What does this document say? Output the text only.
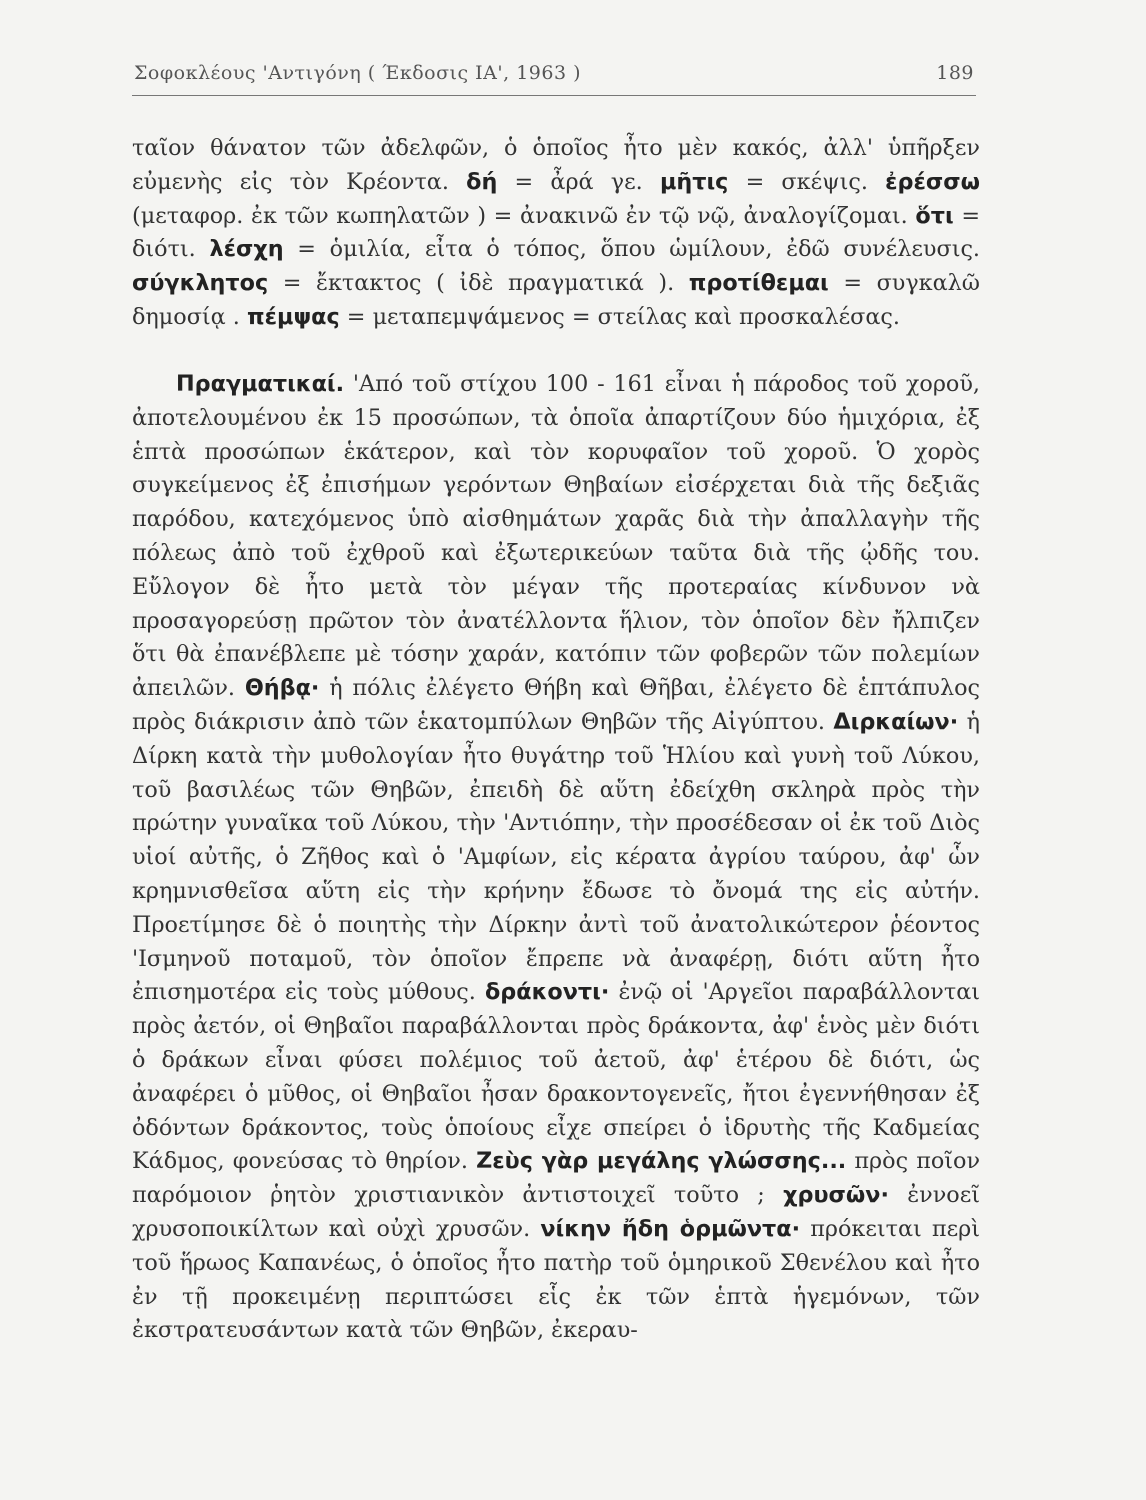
Σοφοκλέους 'Αντιγόνη ( Έκδοσις ΙΑ', 1963 )	189

ταῖον θάνατον τῶν ἀδελφῶν, ὁ ὁποῖος ἦτο μὲν κακός, ἀλλ' ὑπῆρξεν εὐμενὴς εἰς τὸν Κρέοντα. δή = ἆρά γε. μῆτις = σκέψις. ἐρέσσω (μεταφορ. ἐκ τῶν κωπηλατῶν ) = ἀνακινῶ ἐν τῷ νῷ, ἀναλογίζομαι. ὅτι = διότι. λέσχη = ὁμιλία, εἶτα ὁ τόπος, ὅπου ὡμίλουν, ἐδῶ συνέλευσις. σύγκλητος = ἔκτακτος ( ἰδὲ πραγματικά ). προτίθεμαι = συγκαλῶ δημοσίᾳ . πέμψας = μεταπεμψάμενος = στείλας καὶ προσκαλέσας.

Πραγματικαί. 'Από τοῦ στίχου 100 - 161 εἶναι ἡ πάροδος τοῦ χοροῦ, ἀποτελουμένου ἐκ 15 προσώπων, τὰ ὁποῖα ἀπαρτίζουν δύο ἡμιχόρια, ἐξ ἑπτὰ προσώπων ἑκάτερον, καὶ τὸν κορυφαῖον τοῦ χοροῦ. Ὁ χορὸς συγκείμενος ἐξ ἐπισήμων γερόντων Θηβαίων εἰσέρχεται διὰ τῆς δεξιᾶς παρόδου, κατεχόμενος ὑπὸ αἰσθημάτων χαρᾶς διὰ τὴν ἀπαλλαγὴν τῆς πόλεως ἀπὸ τοῦ ἐχθροῦ καὶ ἐξωτερικεύων ταῦτα διὰ τῆς ᾠδῆς του. Εὔλογον δὲ ἦτο μετὰ τὸν μέγαν τῆς προτεραίας κίνδυνον νὰ προσαγορεύσῃ πρῶτον τὸν ἀνατέλλοντα ἥλιον, τὸν ὁποῖον δὲν ἤλπιζεν ὅτι θὰ ἐπανέβλεπε μὲ τόσην χαράν, κατόπιν τῶν φοβερῶν τῶν πολεμίων ἀπειλῶν. Θήβᾳ· ἡ πόλις ἐλέγετο Θήβη καὶ Θῆβαι, ἐλέγετο δὲ ἑπτάπυλος πρὸς διάκρισιν ἀπὸ τῶν ἑκατομπύλων Θηβῶν τῆς Αἰγύπτου. Διρκαίων· ἡ Δίρκη κατὰ τὴν μυθολογίαν ἦτο θυγάτηρ τοῦ Ἡλίου καὶ γυνὴ τοῦ Λύκου, τοῦ βασιλέως τῶν Θηβῶν, ἐπειδὴ δὲ αὕτη ἐδείχθη σκληρὰ πρὸς τὴν πρώτην γυναῖκα τοῦ Λύκου, τὴν 'Αντιόπην, τὴν προσέδεσαν οἱ ἐκ τοῦ Διὸς υἱοί αὐτῆς, ὁ Ζῆθος καὶ ὁ 'Αμφίων, εἰς κέρατα ἀγρίου ταύρου, ἀφ' ὧν κρημνισθεῖσα αὕτη εἰς τὴν κρήνην ἔδωσε τὸ ὄνομά της εἰς αὐτήν. Προετίμησε δὲ ὁ ποιητὴς τὴν Δίρκην ἀντὶ τοῦ ἀνατολικώτερον ῥέοντος 'Ισμηνοῦ ποταμοῦ, τὸν ὁποῖον ἔπρεπε νὰ ἀναφέρῃ, διότι αὕτη ἦτο ἐπισημοτέρα εἰς τοὺς μύθους. δράκοντι· ἐνῷ οἱ 'Αργεῖοι παραβάλλονται πρὸς ἀετόν, οἱ Θηβαῖοι παραβάλλονται πρὸς δράκοντα, ἀφ' ἑνὸς μὲν διότι ὁ δράκων εἶναι φύσει πολέμιος τοῦ ἀετοῦ, ἀφ' ἑτέρου δὲ διότι, ὡς ἀναφέρει ὁ μῦθος, οἱ Θηβαῖοι ἦσαν δρακοντογενεῖς, ἤτοι ἐγεννήθησαν ἐξ ὀδόντων δράκοντος, τοὺς ὁποίους εἶχε σπείρει ὁ ἱδρυτὴς τῆς Καδμείας Κάδμος, φονεύσας τὸ θηρίον. Ζεὺς γὰρ μεγάλης γλώσσης... πρὸς ποῖον παρόμοιον ῥητὸν χριστιανικὸν ἀντιστοιχεῖ τοῦτο ; χρυσῶν· ἐννοεῖ χρυσοποικίλτων καὶ οὐχὶ χρυσῶν. νίκην ἤδη ὁρμῶντα· πρόκειται περὶ τοῦ ἥρωος Καπανέως, ὁ ὁποῖος ἦτο πατὴρ τοῦ ὁμηρικοῦ Σθενέλου καὶ ἦτο ἐν τῇ προκειμένῃ περιπτώσει εἷς ἐκ τῶν ἑπτὰ ἡγεμόνων, τῶν ἐκστρατευσάντων κατὰ τῶν Θηβῶν, ἐκεραυ-
